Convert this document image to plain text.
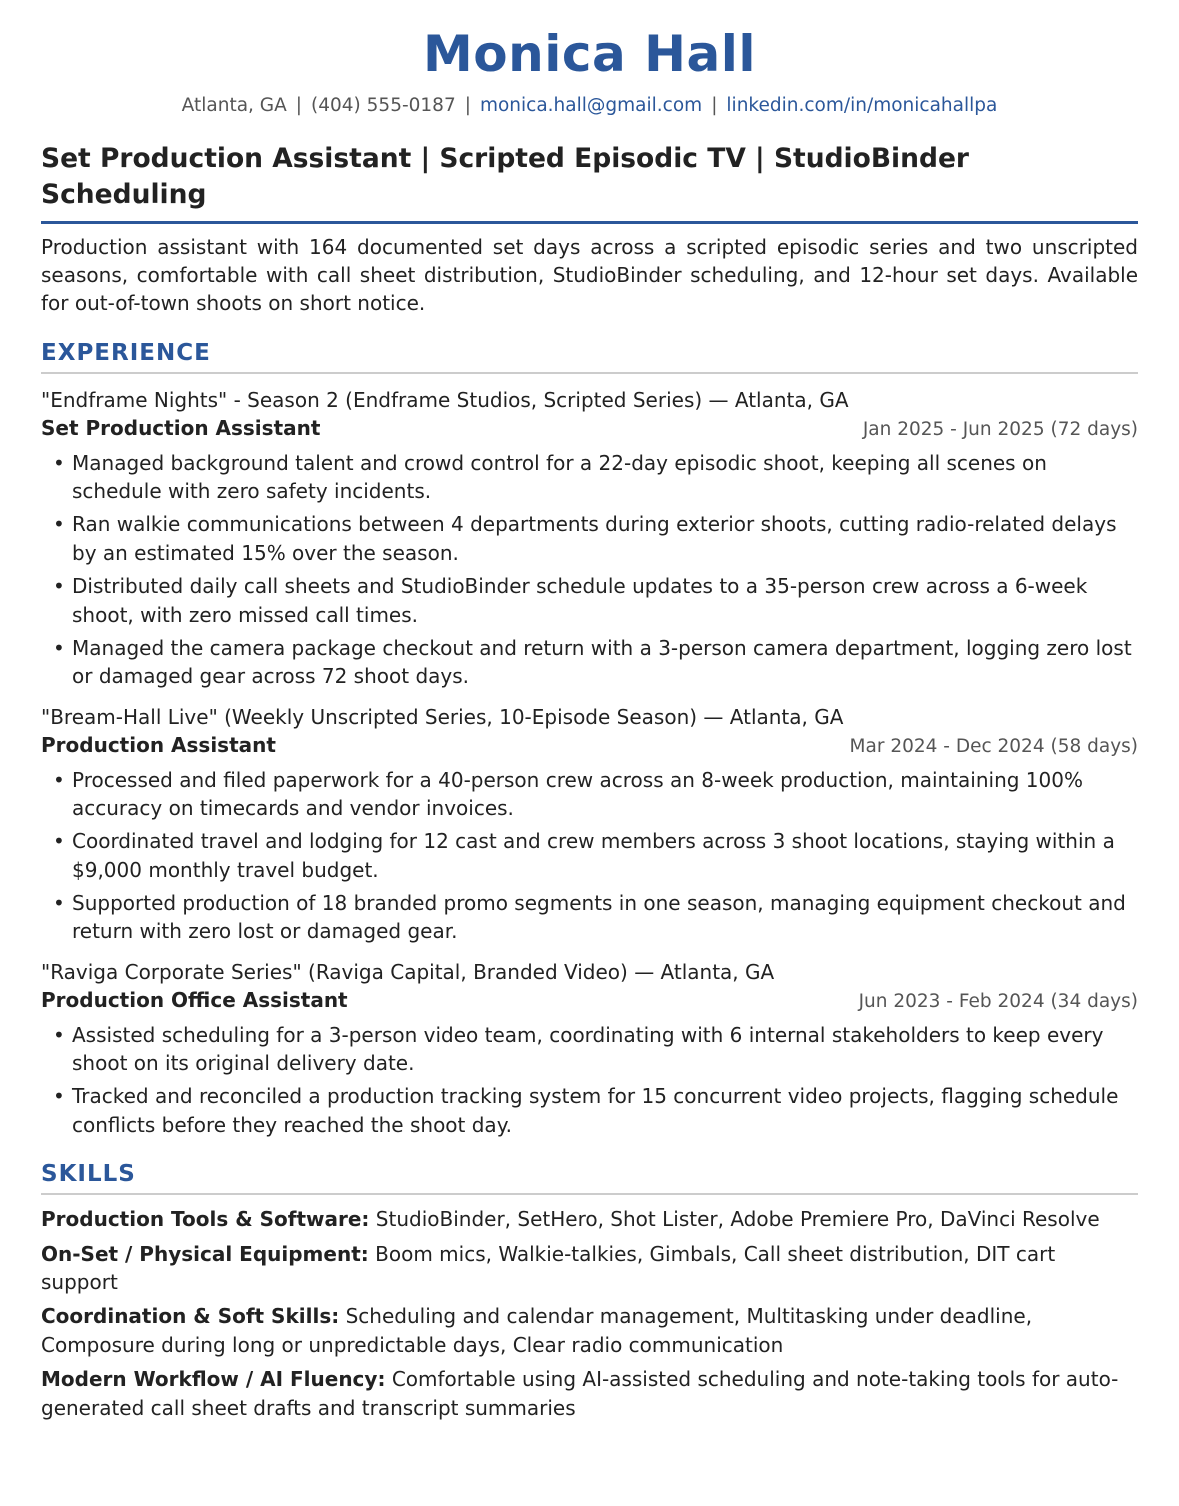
Monica Hall
Atlanta, GA | (404) 555-0187 | monica.hall@gmail.com | linkedin.com/in/monicahallpa
Set Production Assistant | Scripted Episodic TV | StudioBinder Scheduling
Production assistant with 164 documented set days across a scripted episodic series and two unscripted seasons, comfortable with call sheet distribution, StudioBinder scheduling, and 12-hour set days. Available for out-of-town shoots on short notice.
EXPERIENCE
"Endframe Nights" - Season 2 (Endframe Studios, Scripted Series) — Atlanta, GA
Set Production Assistant	Jan 2025 - Jun 2025 (72 days)
• Managed background talent and crowd control for a 22-day episodic shoot, keeping all scenes on schedule with zero safety incidents.
• Ran walkie communications between 4 departments during exterior shoots, cutting radio-related delays by an estimated 15% over the season.
• Distributed daily call sheets and StudioBinder schedule updates to a 35-person crew across a 6-week shoot, with zero missed call times.
• Managed the camera package checkout and return with a 3-person camera department, logging zero lost or damaged gear across 72 shoot days.
"Bream-Hall Live" (Weekly Unscripted Series, 10-Episode Season) — Atlanta, GA
Production Assistant	Mar 2024 - Dec 2024 (58 days)
• Processed and filed paperwork for a 40-person crew across an 8-week production, maintaining 100% accuracy on timecards and vendor invoices.
• Coordinated travel and lodging for 12 cast and crew members across 3 shoot locations, staying within a $9,000 monthly travel budget.
• Supported production of 18 branded promo segments in one season, managing equipment checkout and return with zero lost or damaged gear.
"Raviga Corporate Series" (Raviga Capital, Branded Video) — Atlanta, GA
Production Office Assistant	Jun 2023 - Feb 2024 (34 days)
• Assisted scheduling for a 3-person video team, coordinating with 6 internal stakeholders to keep every shoot on its original delivery date.
• Tracked and reconciled a production tracking system for 15 concurrent video projects, flagging schedule conflicts before they reached the shoot day.
SKILLS
Production Tools & Software: StudioBinder, SetHero, Shot Lister, Adobe Premiere Pro, DaVinci Resolve
On-Set / Physical Equipment: Boom mics, Walkie-talkies, Gimbals, Call sheet distribution, DIT cart support
Coordination & Soft Skills: Scheduling and calendar management, Multitasking under deadline, Composure during long or unpredictable days, Clear radio communication
Modern Workflow / AI Fluency: Comfortable using AI-assisted scheduling and note-taking tools for auto-generated call sheet drafts and transcript summaries
